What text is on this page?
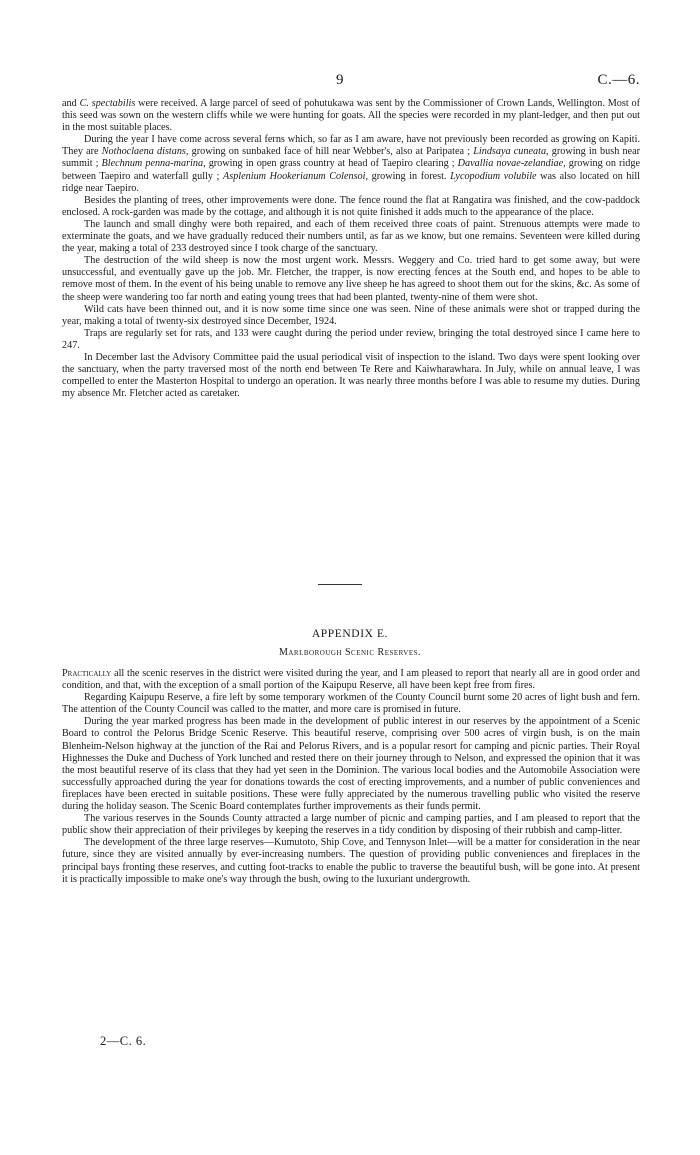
9	C.—6.

and C. spectabilis were received. A large parcel of seed of pohutukawa was sent by the Commissioner of Crown Lands, Wellington. Most of this seed was sown on the western cliffs while we were hunting for goats. All the species were recorded in my plant-ledger, and then put out in the most suitable places.

During the year I have come across several ferns which, so far as I am aware, have not previously been recorded as growing on Kapiti. They are Nothoclaena distans, growing on sunbaked face of hill near Webber's, also at Paripatea ; Lindsaya cuneata, growing in bush near summit ; Blechnum penna-marina, growing in open grass country at head of Taepiro clearing ; Davallia novae-zelandiae, growing on ridge between Taepiro and waterfall gully ; Asplenium Hookerianum Colensoi, growing in forest. Lycopodium volubile was also located on hill ridge near Taepiro.

Besides the planting of trees, other improvements were done. The fence round the flat at Rangatira was finished, and the cow-paddock enclosed. A rock-garden was made by the cottage, and although it is not quite finished it adds much to the appearance of the place.

The launch and small dinghy were both repaired, and each of them received three coats of paint. Strenuous attempts were made to exterminate the goats, and we have gradually reduced their numbers until, as far as we know, but one remains. Seventeen were killed during the year, making a total of 233 destroyed since I took charge of the sanctuary.

The destruction of the wild sheep is now the most urgent work. Messrs. Weggery and Co. tried hard to get some away, but were unsuccessful, and eventually gave up the job. Mr. Fletcher, the trapper, is now erecting fences at the South end, and hopes to be able to remove most of them. In the event of his being unable to remove any live sheep he has agreed to shoot them out for the skins, &c. As some of the sheep were wandering too far north and eating young trees that had been planted, twenty-nine of them were shot.

Wild cats have been thinned out, and it is now some time since one was seen. Nine of these animals were shot or trapped during the year, making a total of twenty-six destroyed since December, 1924.

Traps are regularly set for rats, and 133 were caught during the period under review, bringing the total destroyed since I came here to 247.

In December last the Advisory Committee paid the usual periodical visit of inspection to the island. Two days were spent looking over the sanctuary, when the party traversed most of the north end between Te Rere and Kaiwharawhara. In July, while on annual leave, I was compelled to enter the Masterton Hospital to undergo an operation. It was nearly three months before I was able to resume my duties. During my absence Mr. Fletcher acted as caretaker.

APPENDIX E.
Marlborough Scenic Reserves.

Practically all the scenic reserves in the district were visited during the year, and I am pleased to report that nearly all are in good order and condition, and that, with the exception of a small portion of the Kaipupu Reserve, all have been kept free from fires.

Regarding Kaipupu Reserve, a fire left by some temporary workmen of the County Council burnt some 20 acres of light bush and fern. The attention of the County Council was called to the matter, and more care is promised in future.

During the year marked progress has been made in the development of public interest in our reserves by the appointment of a Scenic Board to control the Pelorus Bridge Scenic Reserve. This beautiful reserve, comprising over 500 acres of virgin bush, is on the main Blenheim-Nelson highway at the junction of the Rai and Pelorus Rivers, and is a popular resort for camping and picnic parties. Their Royal Highnesses the Duke and Duchess of York lunched and rested there on their journey through to Nelson, and expressed the opinion that it was the most beautiful reserve of its class that they had yet seen in the Dominion. The various local bodies and the Automobile Association were successfully approached during the year for donations towards the cost of erecting improvements, and a number of public conveniences and fireplaces have been erected in suitable positions. These were fully appreciated by the numerous travelling public who visited the reserve during the holiday season. The Scenic Board contemplates further improvements as their funds permit.

The various reserves in the Sounds County attracted a large number of picnic and camping parties, and I am pleased to report that the public show their appreciation of their privileges by keeping the reserves in a tidy condition by disposing of their rubbish and camp-litter.

The development of the three large reserves—Kumutoto, Ship Cove, and Tennyson Inlet—will be a matter for consideration in the near future, since they are visited annually by ever-increasing numbers. The question of providing public conveniences and fireplaces in the principal bays fronting these reserves, and cutting foot-tracks to enable the public to traverse the beautiful bush, will be gone into. At present it is practically impossible to make one's way through the bush, owing to the luxuriant undergrowth.

2—C. 6.
